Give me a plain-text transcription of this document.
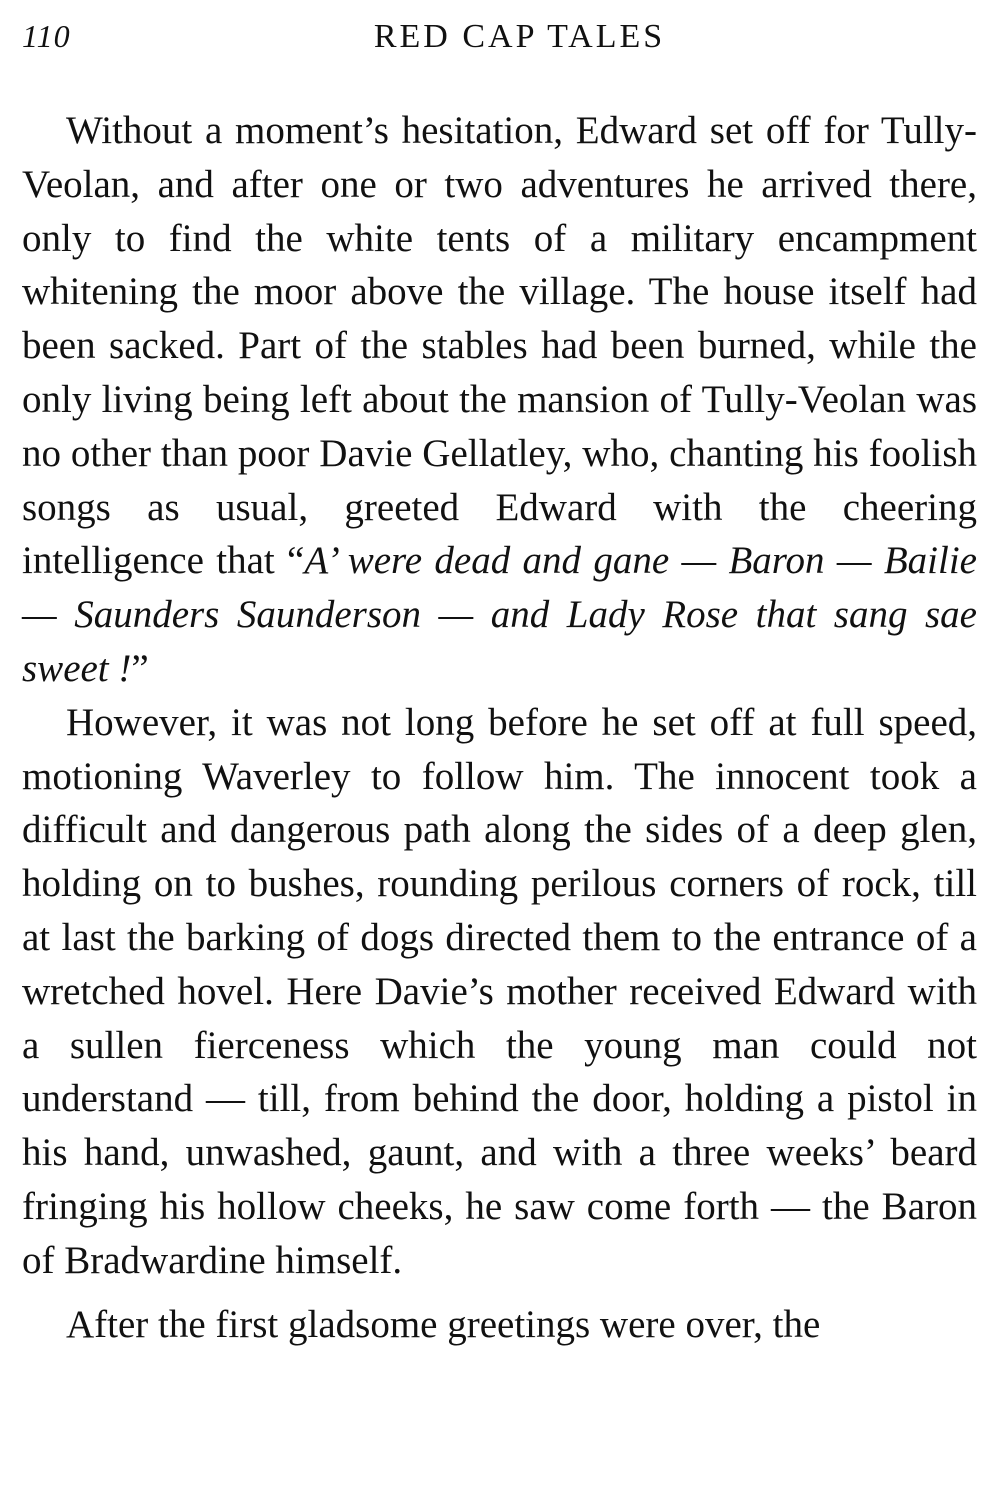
110	RED CAP TALES

Without a moment’s hesitation, Edward set off for Tully-Veolan, and after one or two adventures he arrived there, only to find the white tents of a military encampment whitening the moor above the village. The house itself had been sacked. Part of the stables had been burned, while the only living being left about the mansion of Tully-Veolan was no other than poor Davie Gellatley, who, chanting his foolish songs as usual, greeted Edward with the cheering intelligence that “A’ were dead and gane — Baron — Bailie — Saunders Saunderson — and Lady Rose that sang sae sweet !”

However, it was not long before he set off at full speed, motioning Waverley to follow him. The innocent took a difficult and dangerous path along the sides of a deep glen, holding on to bushes, rounding perilous corners of rock, till at last the barking of dogs directed them to the entrance of a wretched hovel. Here Davie’s mother received Edward with a sullen fierceness which the young man could not understand — till, from behind the door, holding a pistol in his hand, unwashed, gaunt, and with a three weeks’ beard fringing his hollow cheeks, he saw come forth — the Baron of Bradwardine himself.

After the first gladsome greetings were over, the
